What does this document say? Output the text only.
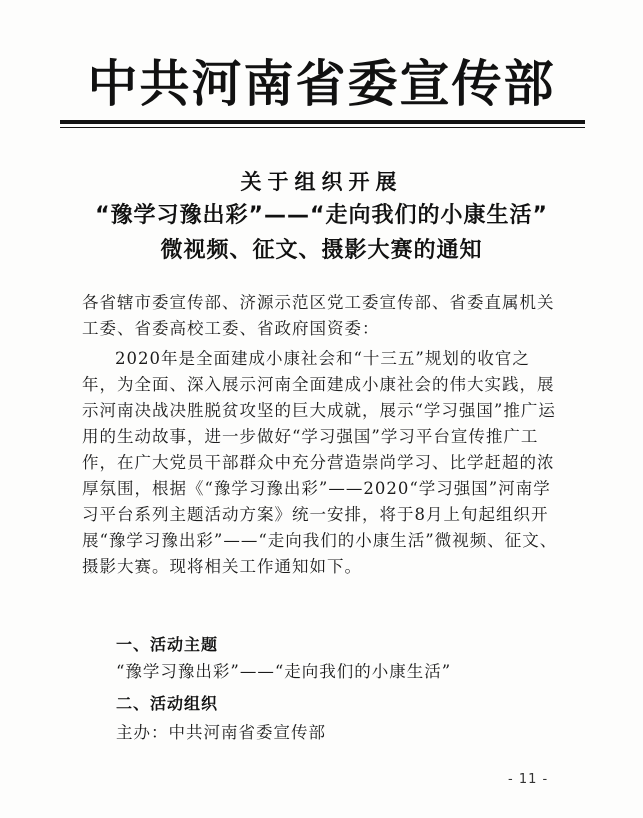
中共河南省委宣传部
关于组织开展
“豫学习豫出彩”——“走向我们的小康生活”
微视频、征文、摄影大赛的通知
各省辖市委宣传部、济源示范区党工委宣传部、省委直属机关工委、省委高校工委、省政府国资委：
2020年是全面建成小康社会和“十三五”规划的收官之年，为全面、深入展示河南全面建成小康社会的伟大实践，展示河南决战决胜脱贫攻坚的巨大成就，展示“学习强国”推广运用的生动故事，进一步做好“学习强国”学习平台宣传推广工作，在广大党员干部群众中充分营造崇尚学习、比学赶超的浓厚氛围，根据《“豫学习豫出彩”——2020“学习强国”河南学习平台系列主题活动方案》统一安排，将于8月上旬起组织开展“豫学习豫出彩”——“走向我们的小康生活”微视频、征文、摄影大赛。现将相关工作通知如下。
一、活动主题
“豫学习豫出彩”——“走向我们的小康生活”
二、活动组织
主办：中共河南省委宣传部
- 11 -
